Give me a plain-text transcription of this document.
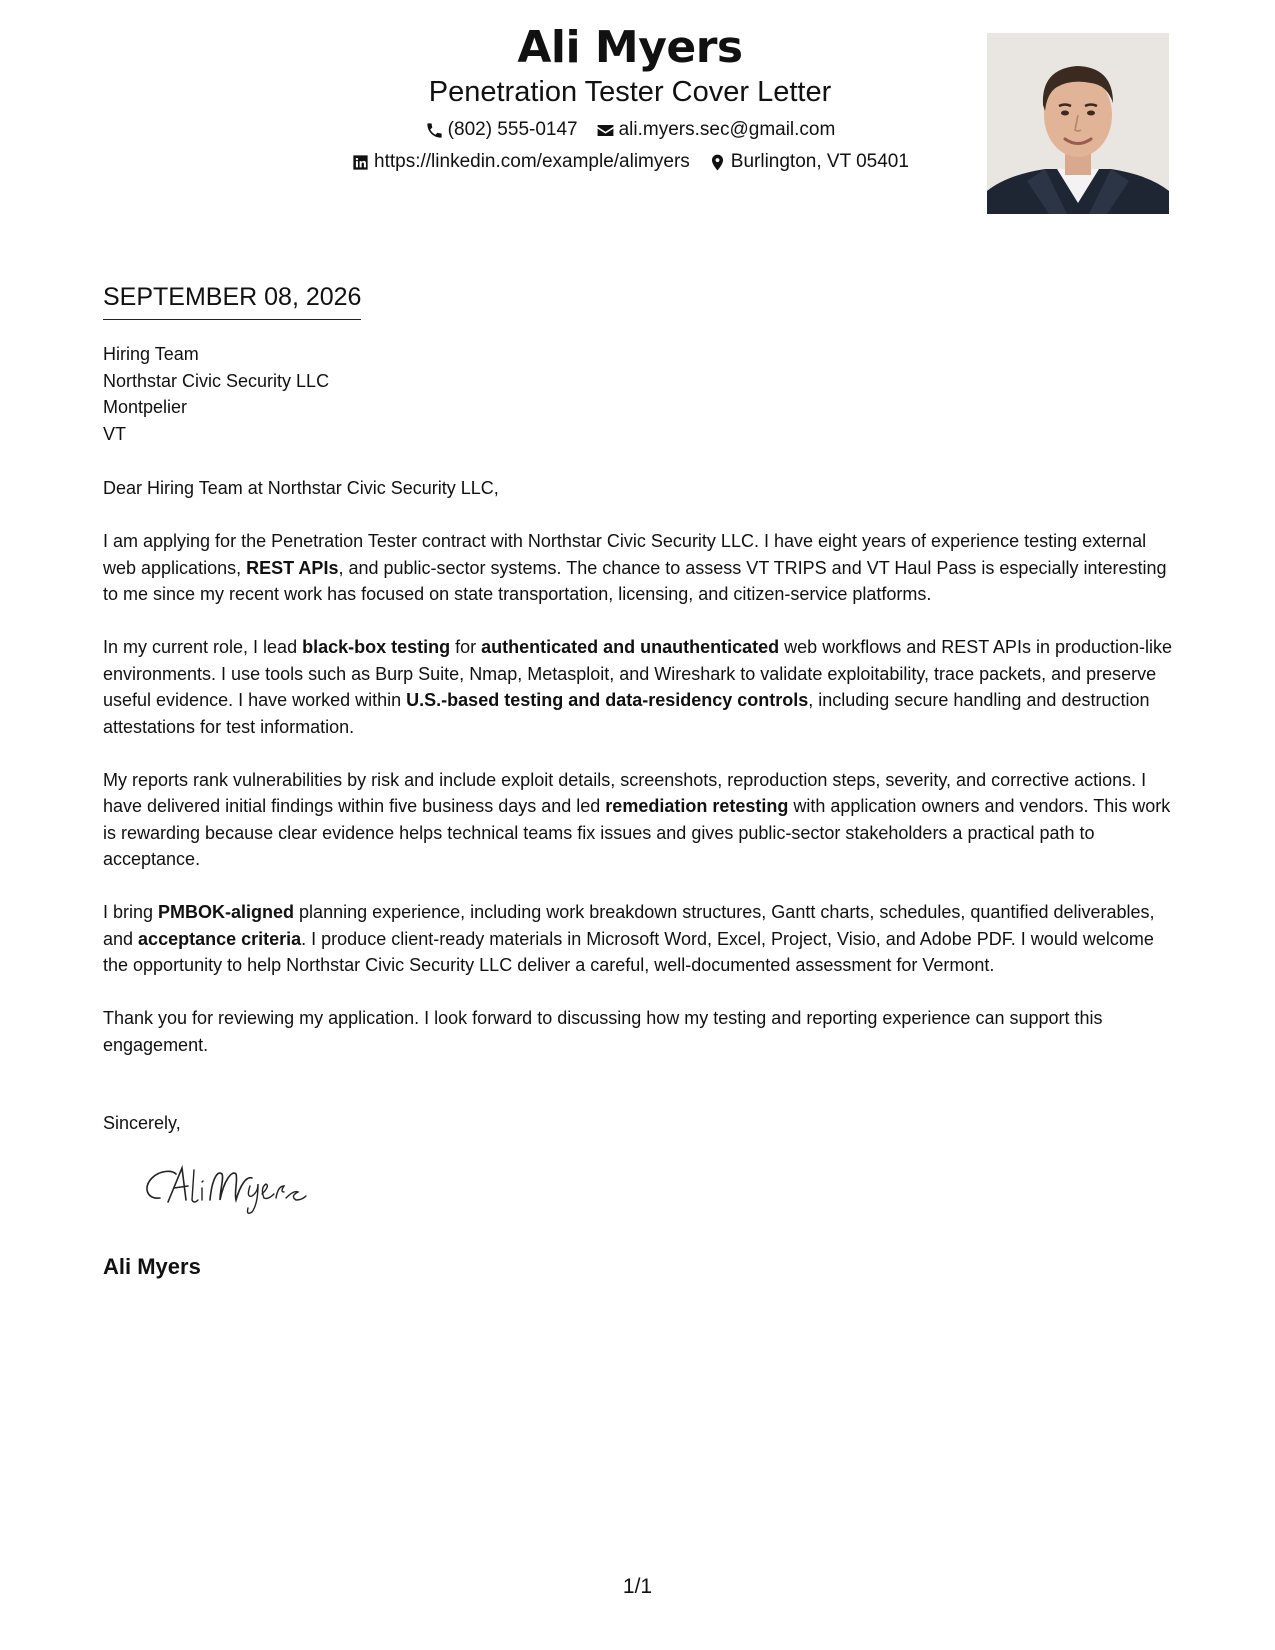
Ali Myers
Penetration Tester Cover Letter
(802) 555-0147 ali.myers.sec@gmail.com
https://linkedin.com/example/alimyers Burlington, VT 05401
SEPTEMBER 08, 2026
Hiring Team
Northstar Civic Security LLC
Montpelier
VT

Dear Hiring Team at Northstar Civic Security LLC,

I am applying for the Penetration Tester contract with Northstar Civic Security LLC. I have eight years of experience testing external web applications, REST APIs, and public-sector systems. The chance to assess VT TRIPS and VT Haul Pass is especially interesting to me since my recent work has focused on state transportation, licensing, and citizen-service platforms.

In my current role, I lead black-box testing for authenticated and unauthenticated web workflows and REST APIs in production-like environments. I use tools such as Burp Suite, Nmap, Metasploit, and Wireshark to validate exploitability, trace packets, and preserve useful evidence. I have worked within U.S.-based testing and data-residency controls, including secure handling and destruction attestations for test information.

My reports rank vulnerabilities by risk and include exploit details, screenshots, reproduction steps, severity, and corrective actions. I have delivered initial findings within five business days and led remediation retesting with application owners and vendors. This work is rewarding because clear evidence helps technical teams fix issues and gives public-sector stakeholders a practical path to acceptance.

I bring PMBOK-aligned planning experience, including work breakdown structures, Gantt charts, schedules, quantified deliverables, and acceptance criteria. I produce client-ready materials in Microsoft Word, Excel, Project, Visio, and Adobe PDF. I would welcome the opportunity to help Northstar Civic Security LLC deliver a careful, well-documented assessment for Vermont.

Thank you for reviewing my application. I look forward to discussing how my testing and reporting experience can support this engagement.

Sincerely,
Ali Myers
1/1
